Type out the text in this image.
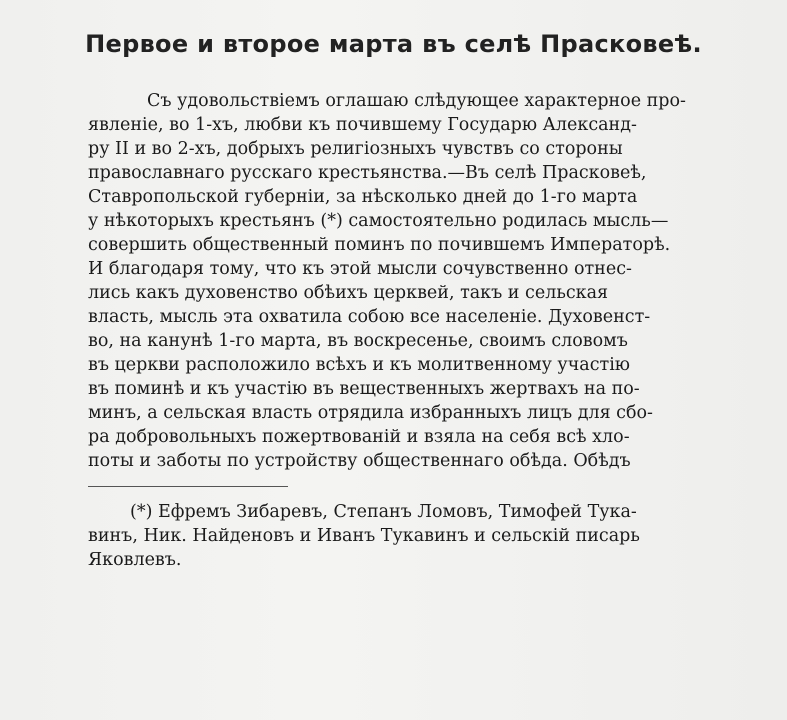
Первое и второе марта въ селѣ Прасковеѣ.
Съ удовольствіемъ оглашаю слѣдующее характерное про-
явленіе, во 1-хъ, любви къ почившему Государю Александ-
ру II и во 2-хъ, добрыхъ религіозныхъ чувствъ со стороны
православнаго русскаго крестьянства.—Въ селѣ Прасковеѣ,
Ставропольской губерніи, за нѣсколько дней до 1-го марта
у нѣкоторыхъ крестьянъ (*) самостоятельно родилась мысль—
совершить общественный поминъ по почившемъ Императорѣ.
И благодаря тому, что къ этой мысли сочувственно отнес-
лись какъ духовенство обѣихъ церквей, такъ и сельская
власть, мысль эта охватила собою все населеніе. Духовенст-
во, на канунѣ 1-го марта, въ воскресенье, своимъ словомъ
въ церкви расположило всѣхъ и къ молитвенному участію
въ поминѣ и къ участію въ вещественныхъ жертвахъ на по-
минъ, а сельская власть отрядила избранныхъ лицъ для сбо-
ра добровольныхъ пожертвованій и взяла на себя всѣ хло-
поты и заботы по устройству общественнаго обѣда. Обѣдъ
(*) Ефремъ Зибаревъ, Степанъ Ломовъ, Тимофей Тука-
винъ, Ник. Найденовъ и Иванъ Тукавинъ и сельскій писарь
Яковлевъ.
